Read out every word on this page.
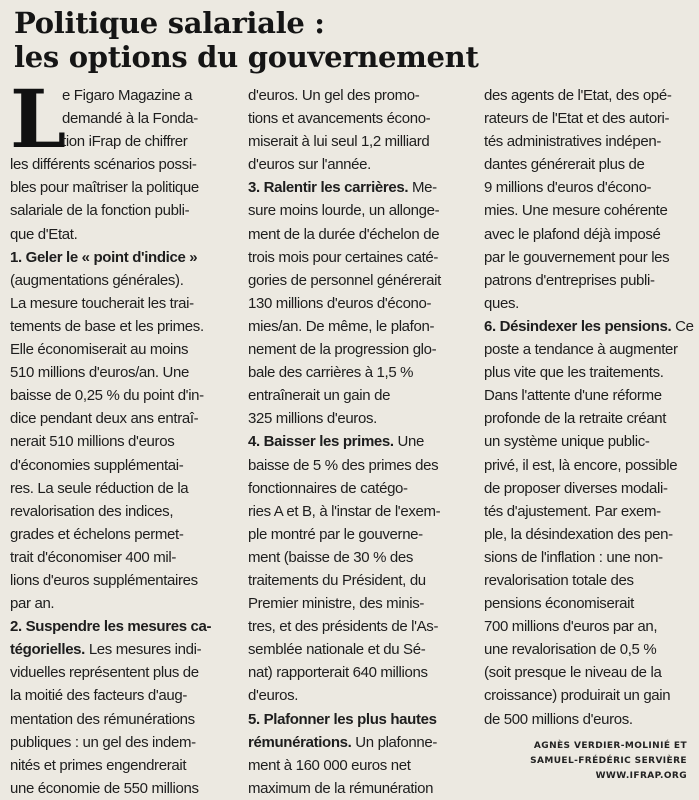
Politique salariale :
les options du gouvernement
L
e Figaro Magazine a
demandé à la Fonda-
tion iFrap de chiffrer
les différents scénarios possi-
bles pour maîtriser la politique
salariale de la fonction publi-
que d'Etat.
1. Geler le « point d'indice »
(augmentations générales).
La mesure toucherait les trai-
tements de base et les primes.
Elle économiserait au moins
510 millions d'euros/an. Une
baisse de 0,25 % du point d'in-
dice pendant deux ans entraî-
nerait 510 millions d'euros
d'économies supplémentai-
res. La seule réduction de la
revalorisation des indices,
grades et échelons permet-
trait d'économiser 400 mil-
lions d'euros supplémentaires
par an.
2. Suspendre les mesures ca-
tégorielles. Les mesures indi-
viduelles représentent plus de
la moitié des facteurs d'aug-
mentation des rémunérations
publiques : un gel des indem-
nités et primes engendrerait
une économie de 550 millions
d'euros. Un gel des promo-
tions et avancements écono-
miserait à lui seul 1,2 milliard
d'euros sur l'année.
3. Ralentir les carrières. Me-
sure moins lourde, un allonge-
ment de la durée d'échelon de
trois mois pour certaines caté-
gories de personnel générerait
130 millions d'euros d'écono-
mies/an. De même, le plafon-
nement de la progression glo-
bale des carrières à 1,5 %
entraînerait un gain de
325 millions d'euros.
4. Baisser les primes. Une
baisse de 5 % des primes des
fonctionnaires de catégo-
ries A et B, à l'instar de l'exem-
ple montré par le gouverne-
ment (baisse de 30 % des
traitements du Président, du
Premier ministre, des minis-
tres, et des présidents de l'As-
semblée nationale et du Sé-
nat) rapporterait 640 millions
d'euros.
5. Plafonner les plus hautes
rémunérations. Un plafonne-
ment à 160 000 euros net
maximum de la rémunération
des agents de l'Etat, des opé-
rateurs de l'Etat et des autori-
tés administratives indépen-
dantes générerait plus de
9 millions d'euros d'écono-
mies. Une mesure cohérente
avec le plafond déjà imposé
par le gouvernement pour les
patrons d'entreprises publi-
ques.
6. Désindexer les pensions. Ce
poste a tendance à augmenter
plus vite que les traitements.
Dans l'attente d'une réforme
profonde de la retraite créant
un système unique public-
privé, il est, là encore, possible
de proposer diverses modali-
tés d'ajustement. Par exem-
ple, la désindexation des pen-
sions de l'inflation : une non-
revalorisation totale des
pensions économiserait
700 millions d'euros par an,
une revalorisation de 0,5 %
(soit presque le niveau de la
croissance) produirait un gain
de 500 millions d'euros.
AGNÈS VERDIER-MOLINIÉ ET
SAMUEL-FRÉDÉRIC SERVIÈRE
WWW.IFRAP.ORG
